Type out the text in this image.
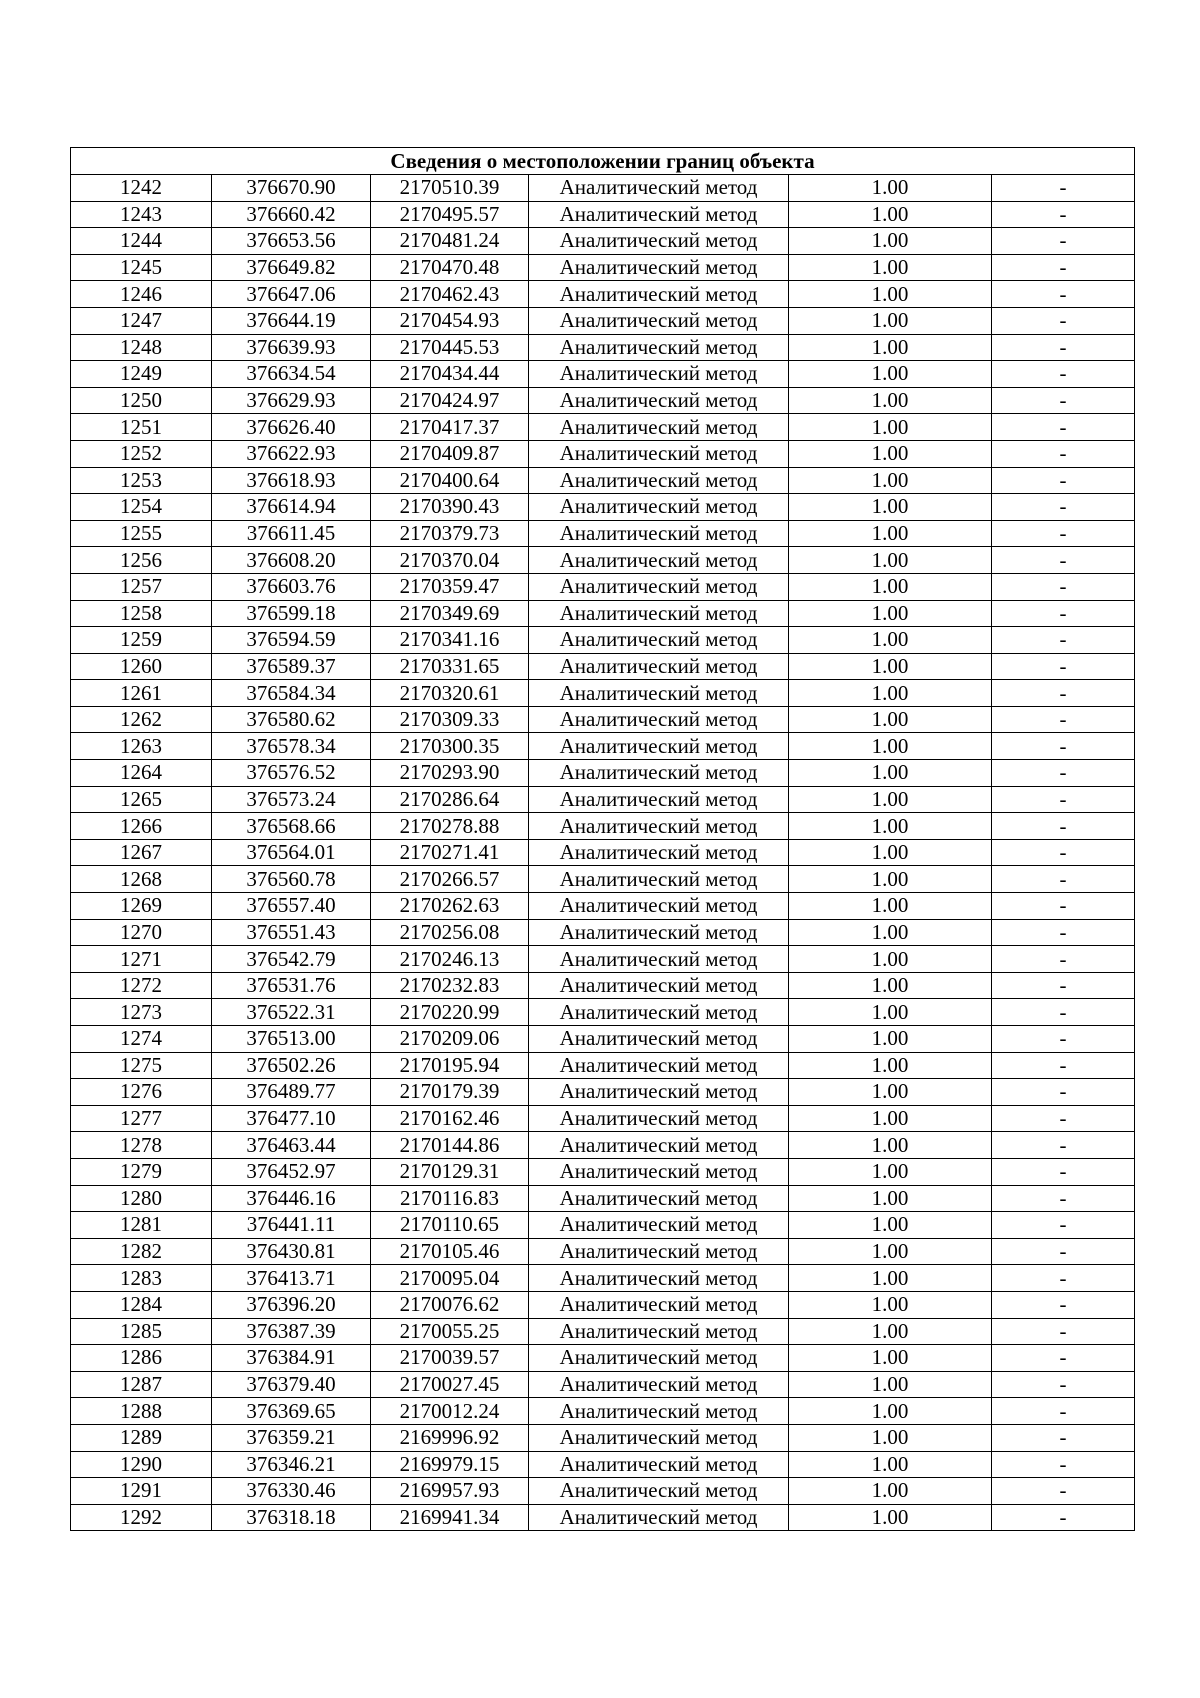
Сведения о местоположении границ объекта					
1242	376670.90	2170510.39	Аналитический метод	1.00	-
1243	376660.42	2170495.57	Аналитический метод	1.00	-
1244	376653.56	2170481.24	Аналитический метод	1.00	-
1245	376649.82	2170470.48	Аналитический метод	1.00	-
1246	376647.06	2170462.43	Аналитический метод	1.00	-
1247	376644.19	2170454.93	Аналитический метод	1.00	-
1248	376639.93	2170445.53	Аналитический метод	1.00	-
1249	376634.54	2170434.44	Аналитический метод	1.00	-
1250	376629.93	2170424.97	Аналитический метод	1.00	-
1251	376626.40	2170417.37	Аналитический метод	1.00	-
1252	376622.93	2170409.87	Аналитический метод	1.00	-
1253	376618.93	2170400.64	Аналитический метод	1.00	-
1254	376614.94	2170390.43	Аналитический метод	1.00	-
1255	376611.45	2170379.73	Аналитический метод	1.00	-
1256	376608.20	2170370.04	Аналитический метод	1.00	-
1257	376603.76	2170359.47	Аналитический метод	1.00	-
1258	376599.18	2170349.69	Аналитический метод	1.00	-
1259	376594.59	2170341.16	Аналитический метод	1.00	-
1260	376589.37	2170331.65	Аналитический метод	1.00	-
1261	376584.34	2170320.61	Аналитический метод	1.00	-
1262	376580.62	2170309.33	Аналитический метод	1.00	-
1263	376578.34	2170300.35	Аналитический метод	1.00	-
1264	376576.52	2170293.90	Аналитический метод	1.00	-
1265	376573.24	2170286.64	Аналитический метод	1.00	-
1266	376568.66	2170278.88	Аналитический метод	1.00	-
1267	376564.01	2170271.41	Аналитический метод	1.00	-
1268	376560.78	2170266.57	Аналитический метод	1.00	-
1269	376557.40	2170262.63	Аналитический метод	1.00	-
1270	376551.43	2170256.08	Аналитический метод	1.00	-
1271	376542.79	2170246.13	Аналитический метод	1.00	-
1272	376531.76	2170232.83	Аналитический метод	1.00	-
1273	376522.31	2170220.99	Аналитический метод	1.00	-
1274	376513.00	2170209.06	Аналитический метод	1.00	-
1275	376502.26	2170195.94	Аналитический метод	1.00	-
1276	376489.77	2170179.39	Аналитический метод	1.00	-
1277	376477.10	2170162.46	Аналитический метод	1.00	-
1278	376463.44	2170144.86	Аналитический метод	1.00	-
1279	376452.97	2170129.31	Аналитический метод	1.00	-
1280	376446.16	2170116.83	Аналитический метод	1.00	-
1281	376441.11	2170110.65	Аналитический метод	1.00	-
1282	376430.81	2170105.46	Аналитический метод	1.00	-
1283	376413.71	2170095.04	Аналитический метод	1.00	-
1284	376396.20	2170076.62	Аналитический метод	1.00	-
1285	376387.39	2170055.25	Аналитический метод	1.00	-
1286	376384.91	2170039.57	Аналитический метод	1.00	-
1287	376379.40	2170027.45	Аналитический метод	1.00	-
1288	376369.65	2170012.24	Аналитический метод	1.00	-
1289	376359.21	2169996.92	Аналитический метод	1.00	-
1290	376346.21	2169979.15	Аналитический метод	1.00	-
1291	376330.46	2169957.93	Аналитический метод	1.00	-
1292	376318.18	2169941.34	Аналитический метод	1.00	-
